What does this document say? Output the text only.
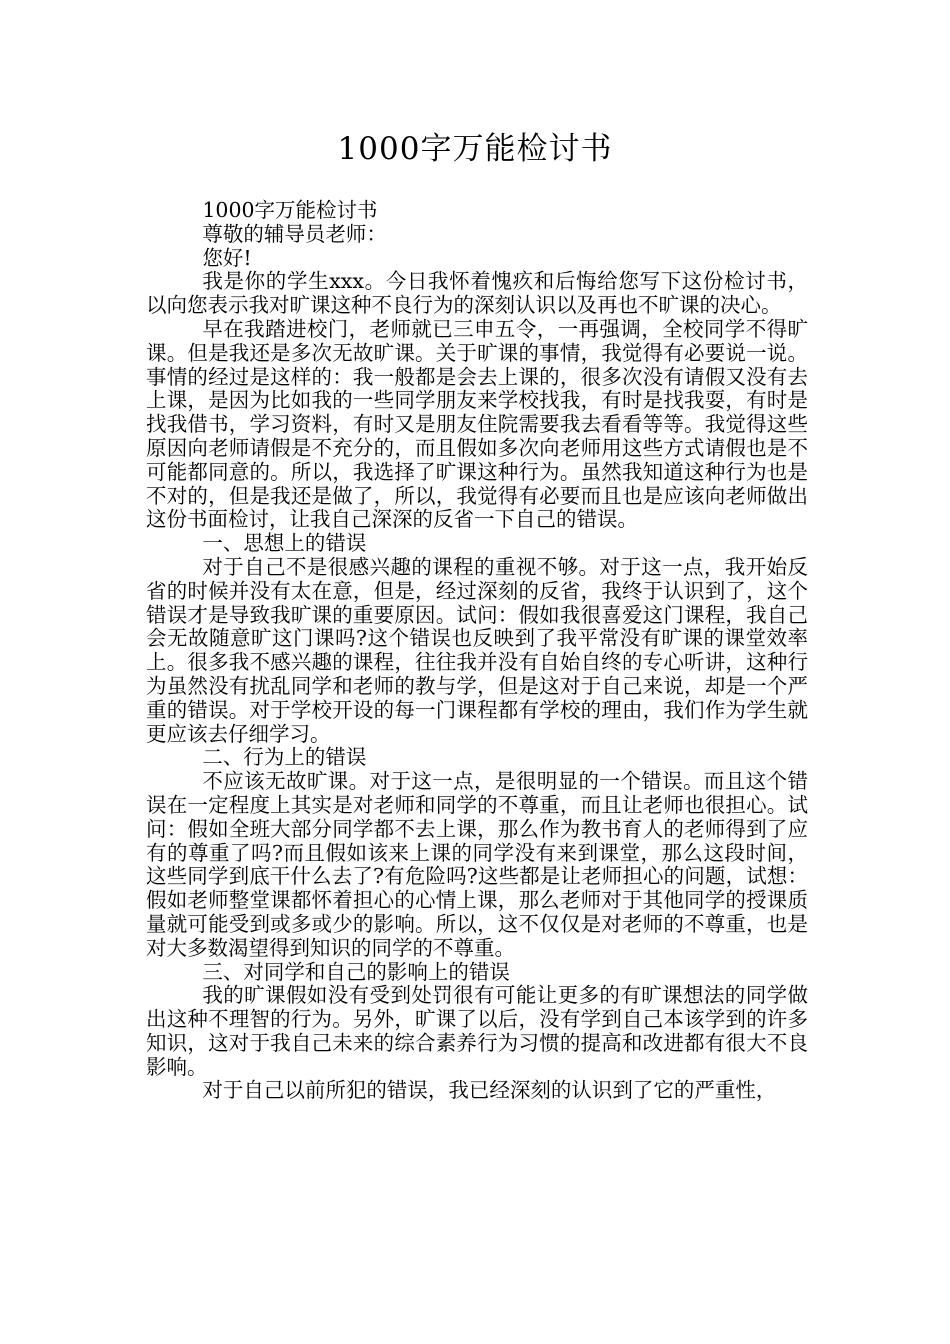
1000字万能检讨书

1000字万能检讨书

尊敬的辅导员老师：

您好!

我是你的学生xxx。今日我怀着愧疚和后悔给您写下这份检讨书，以向您表示我对旷课这种不良行为的深刻认识以及再也不旷课的决心。

早在我踏进校门，老师就已三申五令，一再强调，全校同学不得旷课。但是我还是多次无故旷课。关于旷课的事情，我觉得有必要说一说。事情的经过是这样的：我一般都是会去上课的，很多次没有请假又没有去上课，是因为比如我的一些同学朋友来学校找我，有时是找我耍，有时是找我借书，学习资料，有时又是朋友住院需要我去看看等等。我觉得这些原因向老师请假是不充分的，而且假如多次向老师用这些方式请假也是不可能都同意的。所以，我选择了旷课这种行为。虽然我知道这种行为也是不对的，但是我还是做了，所以，我觉得有必要而且也是应该向老师做出这份书面检讨，让我自己深深的反省一下自己的错误。

一、思想上的错误

对于自己不是很感兴趣的课程的重视不够。对于这一点，我开始反省的时候并没有太在意，但是，经过深刻的反省，我终于认识到了，这个错误才是导致我旷课的重要原因。试问：假如我很喜爱这门课程，我自己会无故随意旷这门课吗?这个错误也反映到了我平常没有旷课的课堂效率上。很多我不感兴趣的课程，往往我并没有自始自终的专心听讲，这种行为虽然没有扰乱同学和老师的教与学，但是这对于自己来说，却是一个严重的错误。对于学校开设的每一门课程都有学校的理由，我们作为学生就更应该去仔细学习。

二、行为上的错误

不应该无故旷课。对于这一点，是很明显的一个错误。而且这个错误在一定程度上其实是对老师和同学的不尊重，而且让老师也很担心。试问：假如全班大部分同学都不去上课，那么作为教书育人的老师得到了应有的尊重了吗?而且假如该来上课的同学没有来到课堂，那么这段时间，这些同学到底干什么去了?有危险吗?这些都是让老师担心的问题，试想：假如老师整堂课都怀着担心的心情上课，那么老师对于其他同学的授课质量就可能受到或多或少的影响。所以，这不仅仅是对老师的不尊重，也是对大多数渴望得到知识的同学的不尊重。

三、对同学和自己的影响上的错误

我的旷课假如没有受到处罚很有可能让更多的有旷课想法的同学做出这种不理智的行为。另外，旷课了以后，没有学到自己本该学到的许多知识，这对于我自己未来的综合素养行为习惯的提高和改进都有很大不良影响。

对于自己以前所犯的错误，我已经深刻的认识到了它的严重性，
